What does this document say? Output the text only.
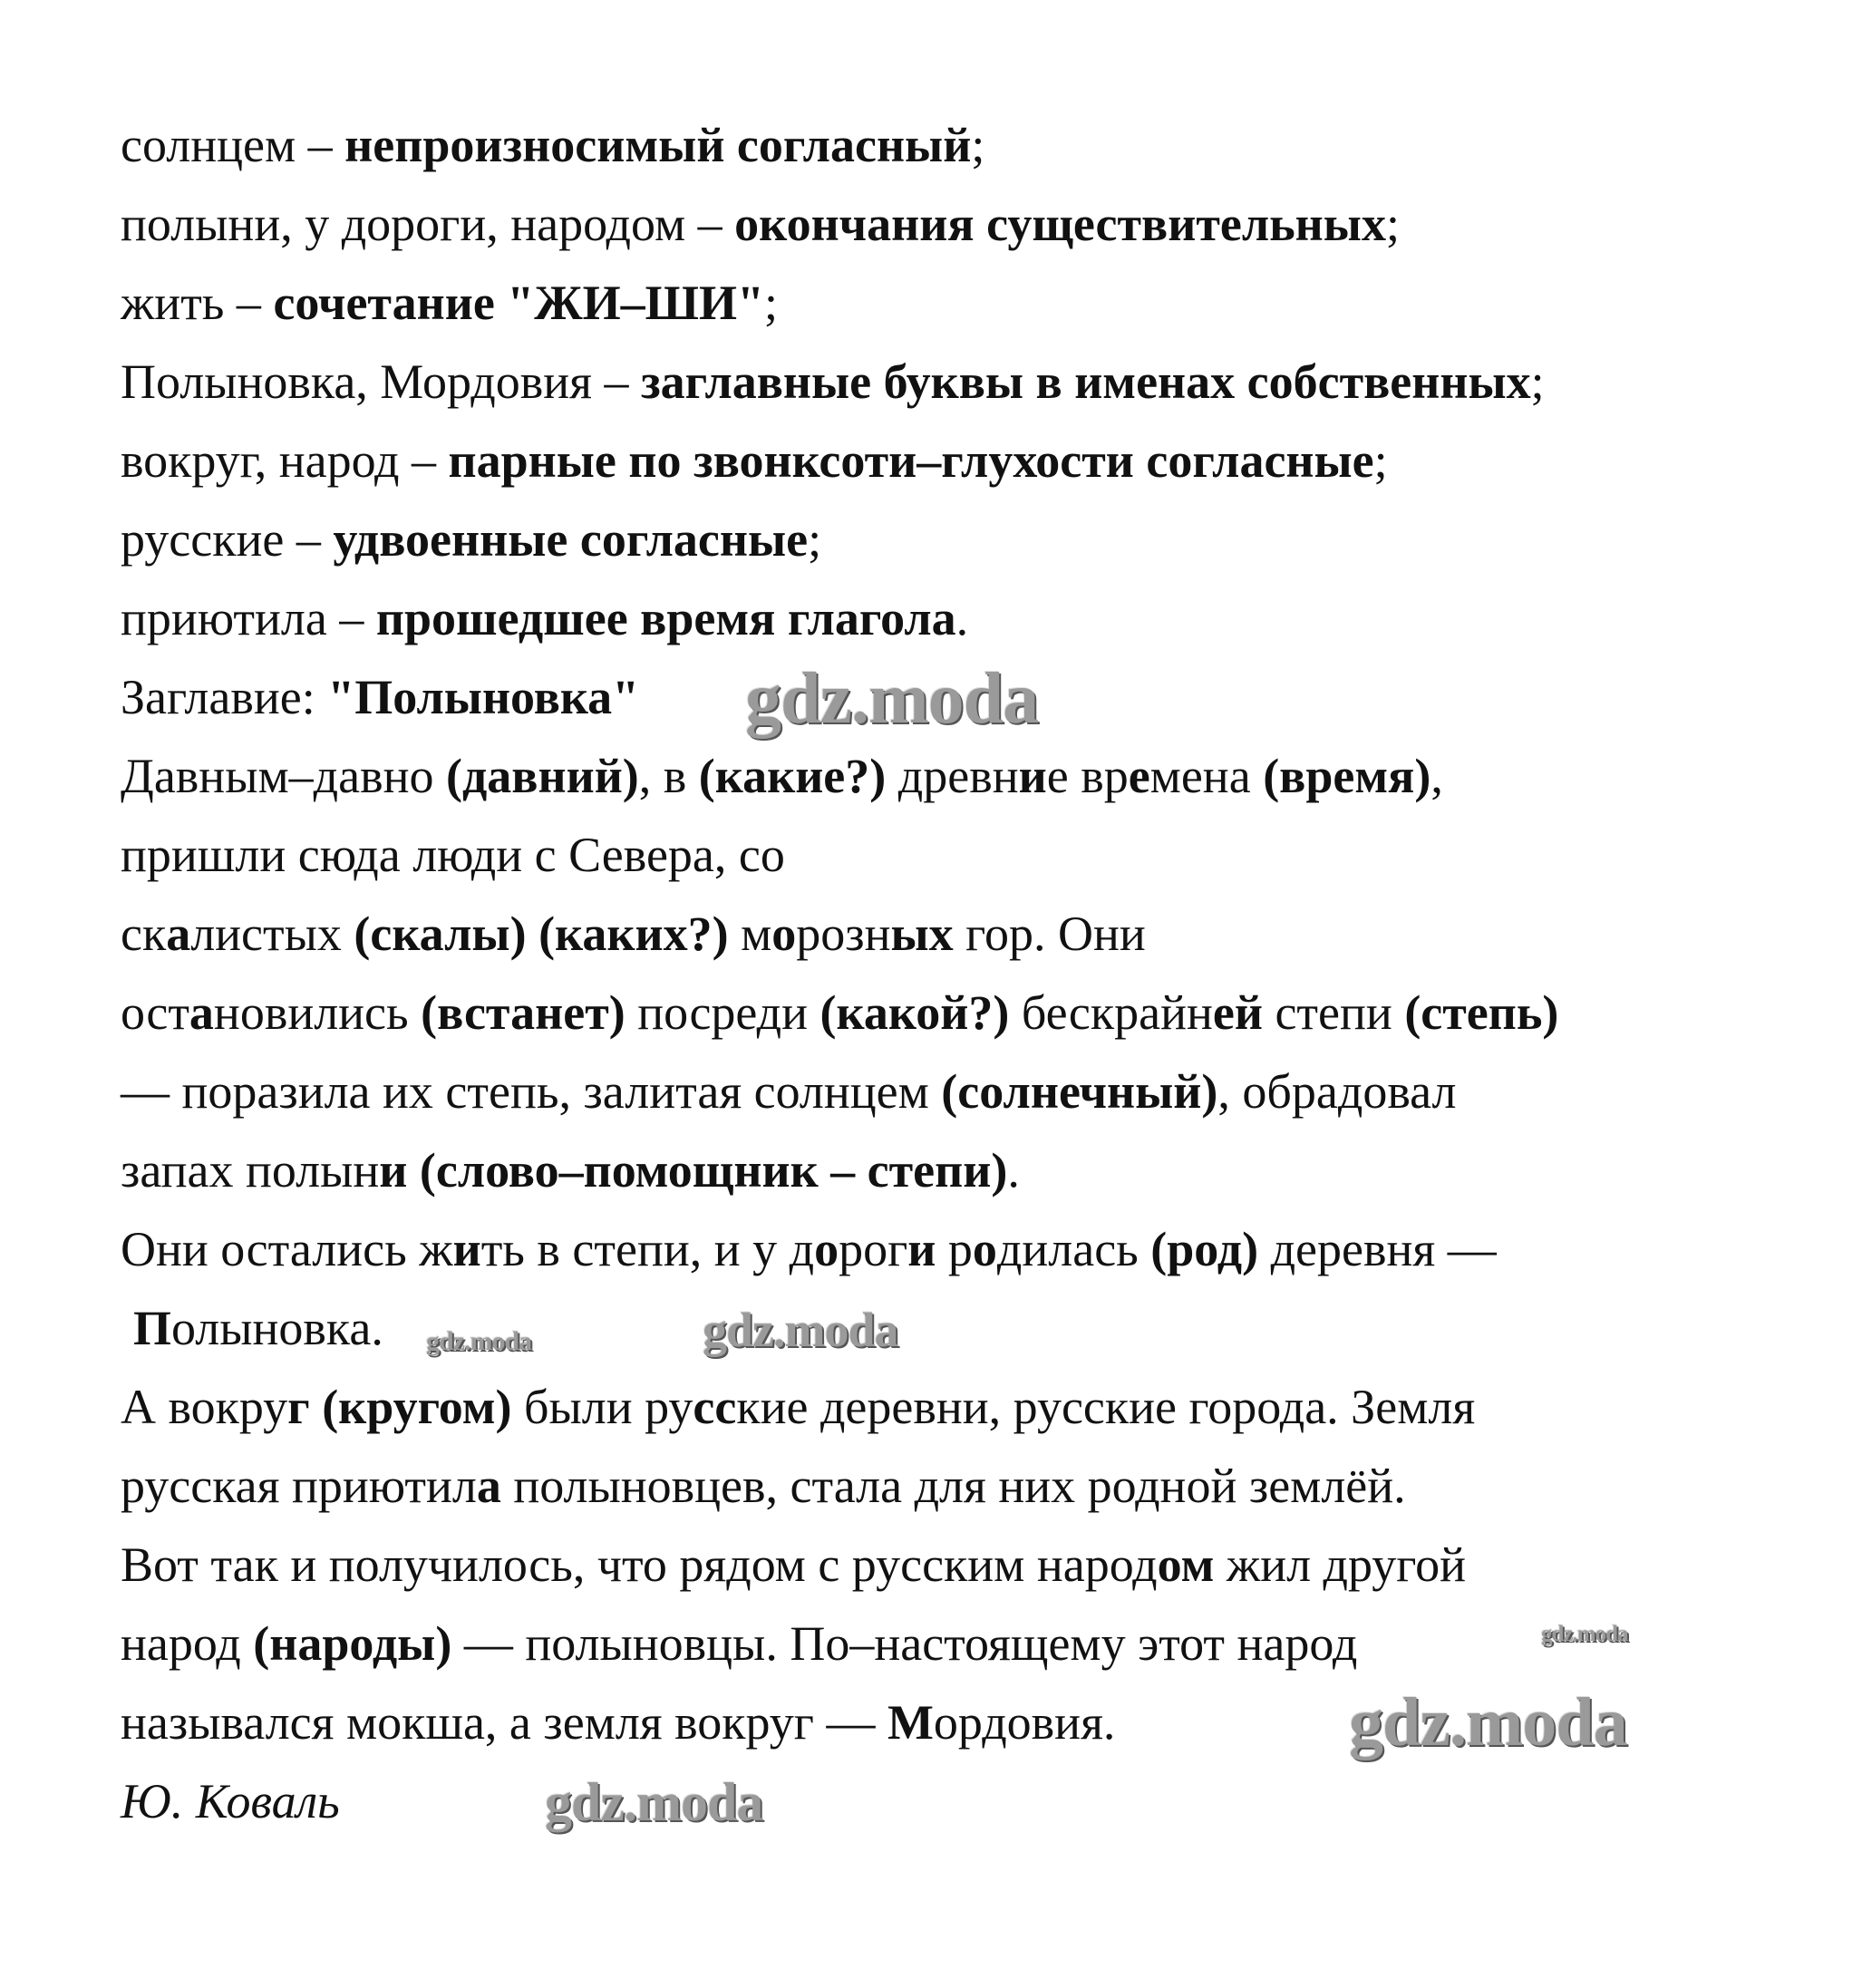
солнцем – непроизносимый согласный;
полыни, у дороги, народом – окончания существительных;
жить – сочетание "ЖИ–ШИ";
Полыновка, Мордовия – заглавные буквы в именах собственных;
вокруг, народ – парные по звонксоти–глухости согласные;
русские – удвоенные согласные;
приютила – прошедшее время глагола.
Заглавие: "Полыновка"
Давным–давно (давний), в (какие?) древние времена (время),
пришли сюда люди с Севера, со
скалистых (скалы) (каких?) морозных гор. Они
остановились (встанет) посреди (какой?) бескрайней степи (степь)
— поразила их степь, залитая солнцем (солнечный), обрадовал
запах полыни (слово–помощник – степи).
Они остались жить в степи, и у дороги родилась (род) деревня —
Полыновка.
А вокруг (кругом) были русские деревни, русские города. Земля
русская приютила полыновцев, стала для них родной землёй.
Вот так и получилось, что рядом с русским народом жил другой
народ (народы) — полыновцы. По–настоящему этот народ
назывался мокша, а земля вокруг — Мордовия.
Ю. Коваль
gdz.moda
gdz.moda
gdz.moda
gdz.moda
gdz.moda
gdz.moda
